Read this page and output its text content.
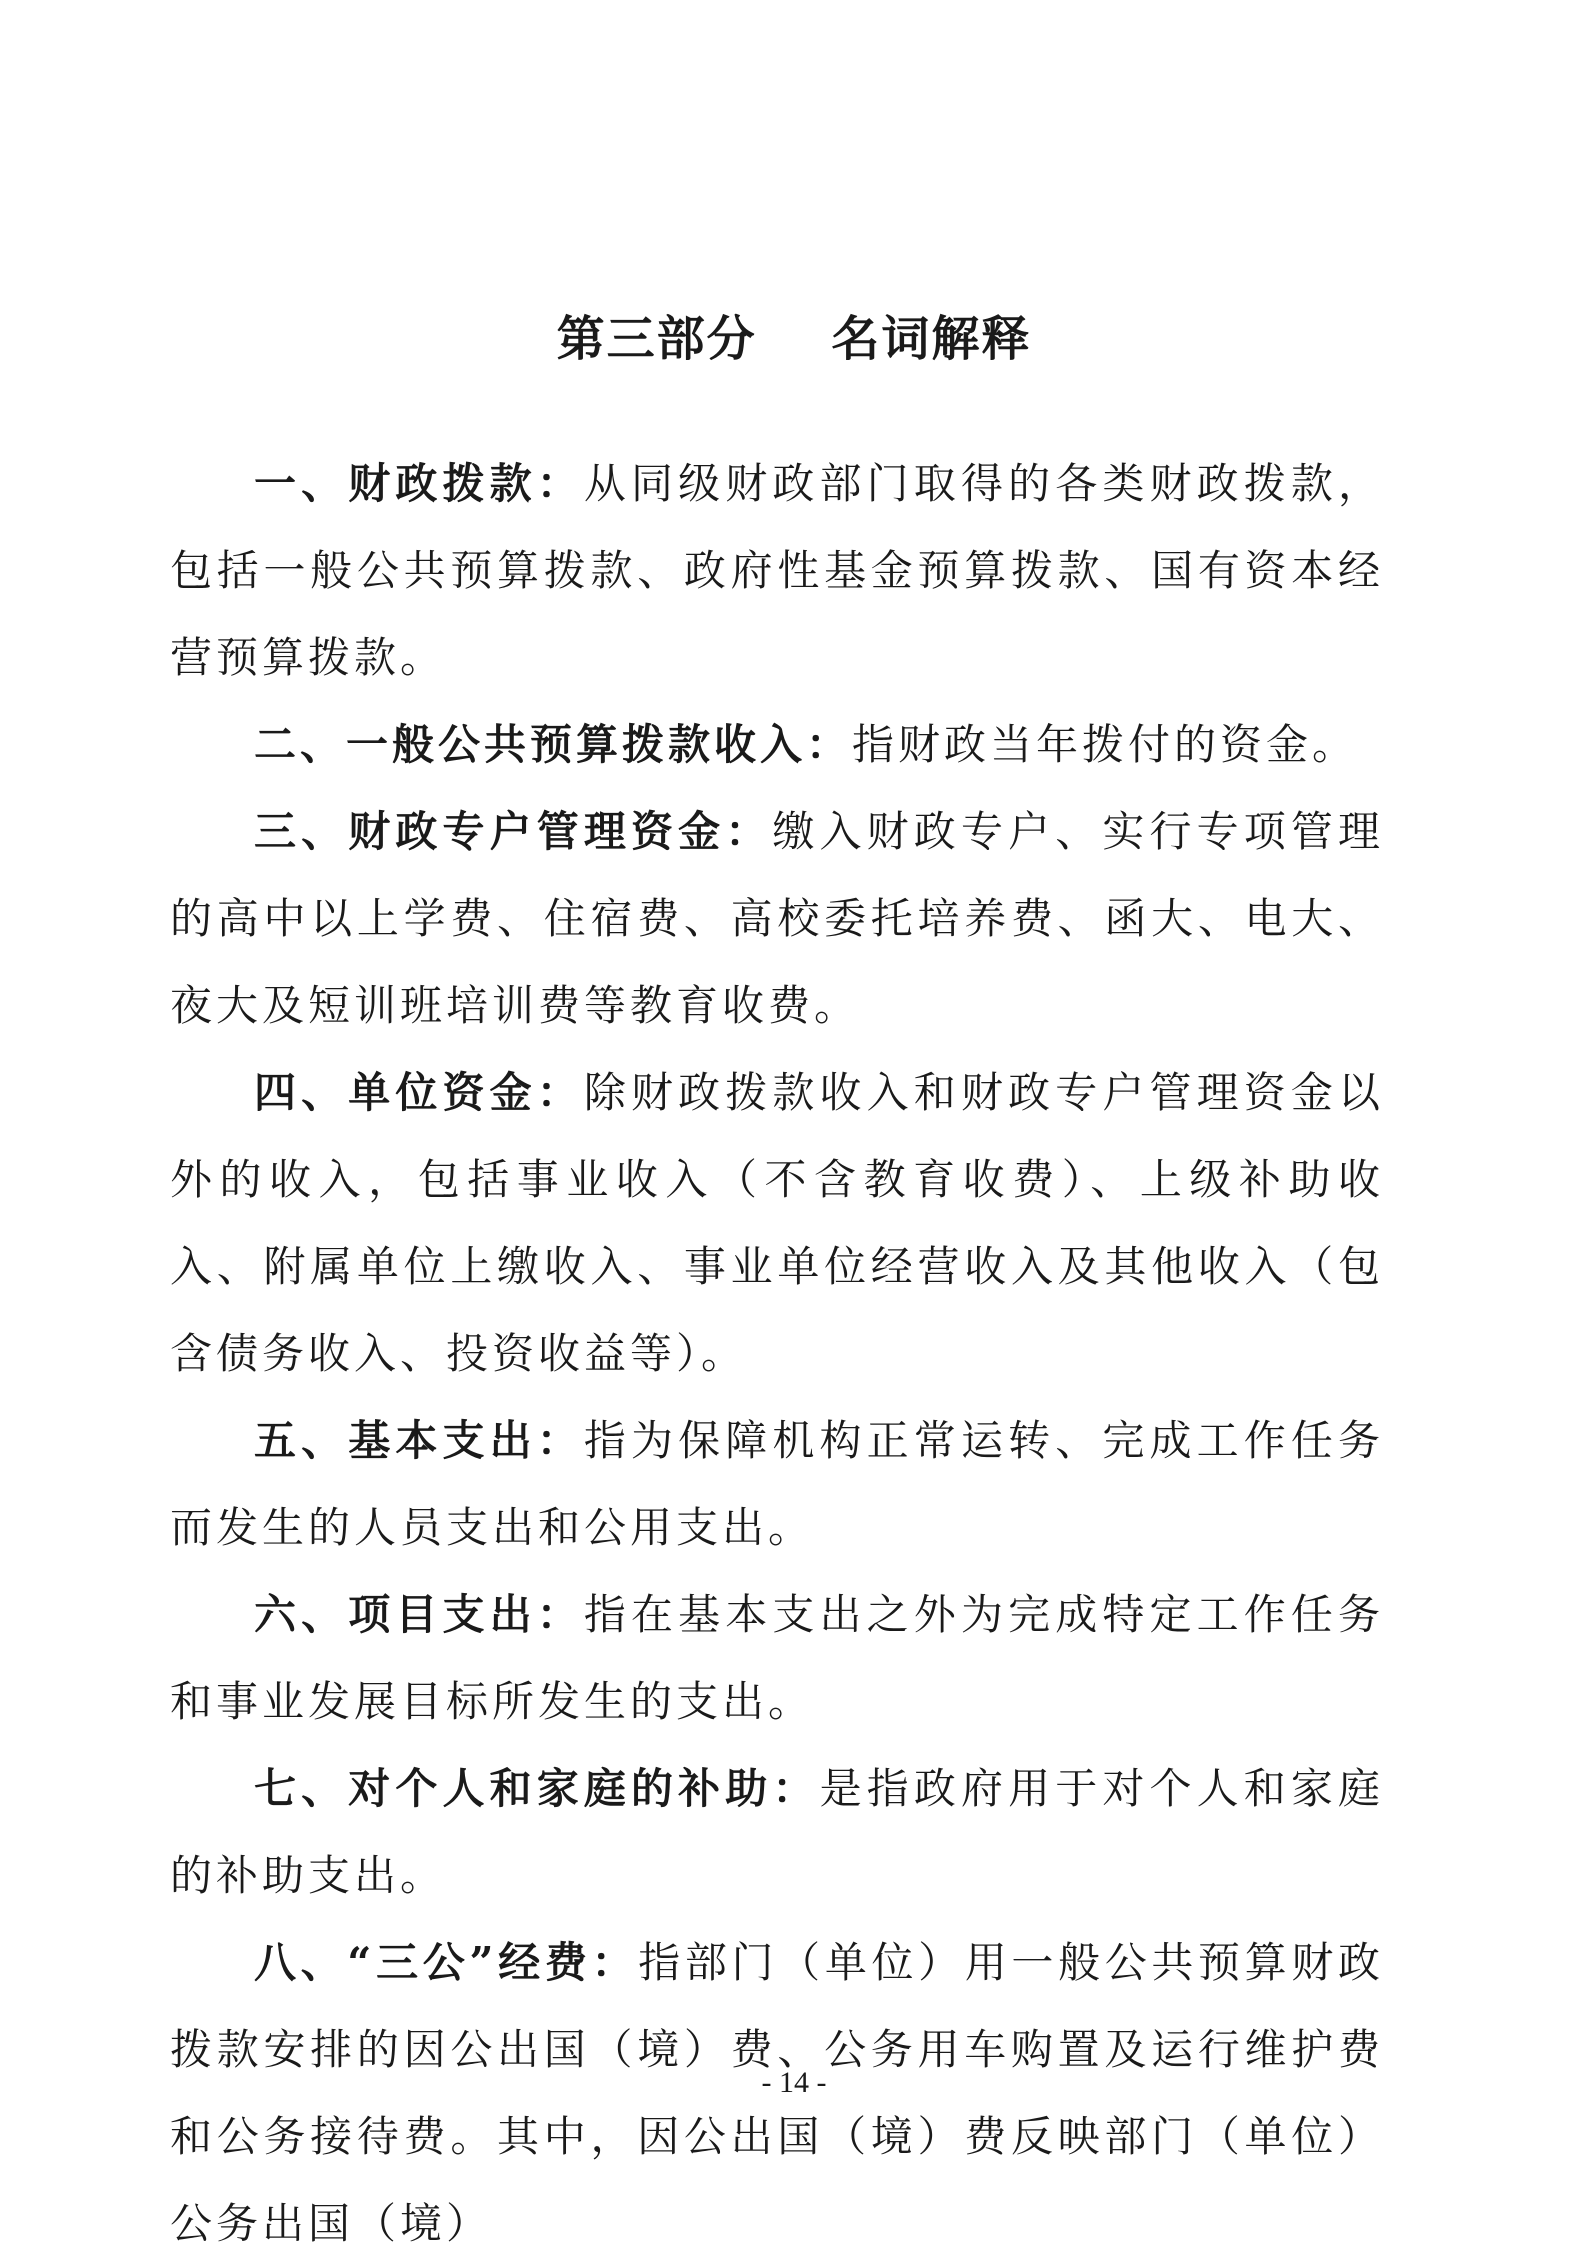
第三部分    名词解释

一、财政拨款：从同级财政部门取得的各类财政拨款，包括一般公共预算拨款、政府性基金预算拨款、国有资本经营预算拨款。

二、一般公共预算拨款收入：指财政当年拨付的资金。

三、财政专户管理资金：缴入财政专户、实行专项管理的高中以上学费、住宿费、高校委托培养费、函大、电大、夜大及短训班培训费等教育收费。

四、单位资金：除财政拨款收入和财政专户管理资金以外的收入，包括事业收入（不含教育收费）、上级补助收入、附属单位上缴收入、事业单位经营收入及其他收入（包含债务收入、投资收益等）。

五、基本支出：指为保障机构正常运转、完成工作任务而发生的人员支出和公用支出。

六、项目支出：指在基本支出之外为完成特定工作任务和事业发展目标所发生的支出。

七、对个人和家庭的补助：是指政府用于对个人和家庭的补助支出。

八、“三公”经费：指部门（单位）用一般公共预算财政拨款安排的因公出国（境）费、公务用车购置及运行维护费和公务接待费。其中，因公出国（境）费反映部门（单位）公务出国（境）

- 14 -
